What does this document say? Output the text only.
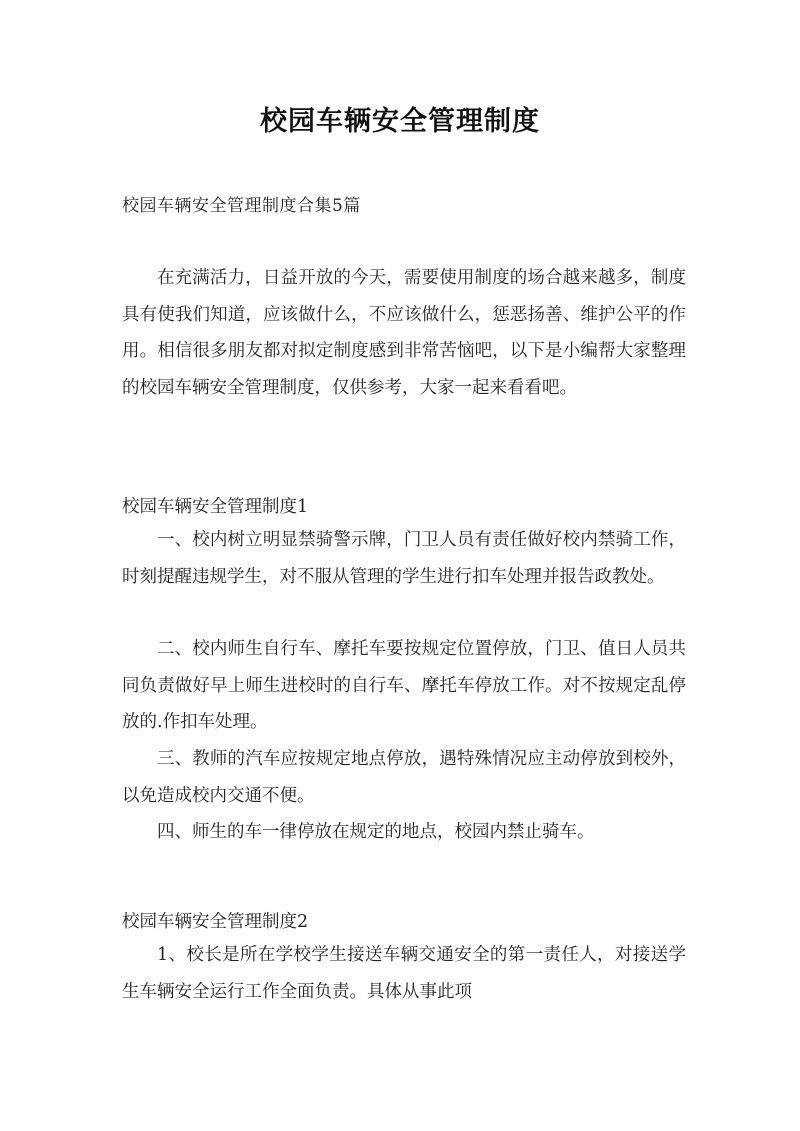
校园车辆安全管理制度

校园车辆安全管理制度合集5篇

在充满活力，日益开放的今天，需要使用制度的场合越来越多，制度具有使我们知道，应该做什么，不应该做什么，惩恶扬善、维护公平的作用。相信很多朋友都对拟定制度感到非常苦恼吧，以下是小编帮大家整理的校园车辆安全管理制度，仅供参考，大家一起来看看吧。

校园车辆安全管理制度1

一、校内树立明显禁骑警示牌，门卫人员有责任做好校内禁骑工作，时刻提醒违规学生，对不服从管理的学生进行扣车处理并报告政教处。

二、校内师生自行车、摩托车要按规定位置停放，门卫、值日人员共同负责做好早上师生进校时的自行车、摩托车停放工作。对不按规定乱停放的.作扣车处理。

三、教师的汽车应按规定地点停放，遇特殊情况应主动停放到校外，以免造成校内交通不便。

四、师生的车一律停放在规定的地点，校园内禁止骑车。

校园车辆安全管理制度2

1、校长是所在学校学生接送车辆交通安全的第一责任人，对接送学生车辆安全运行工作全面负责。具体从事此项
